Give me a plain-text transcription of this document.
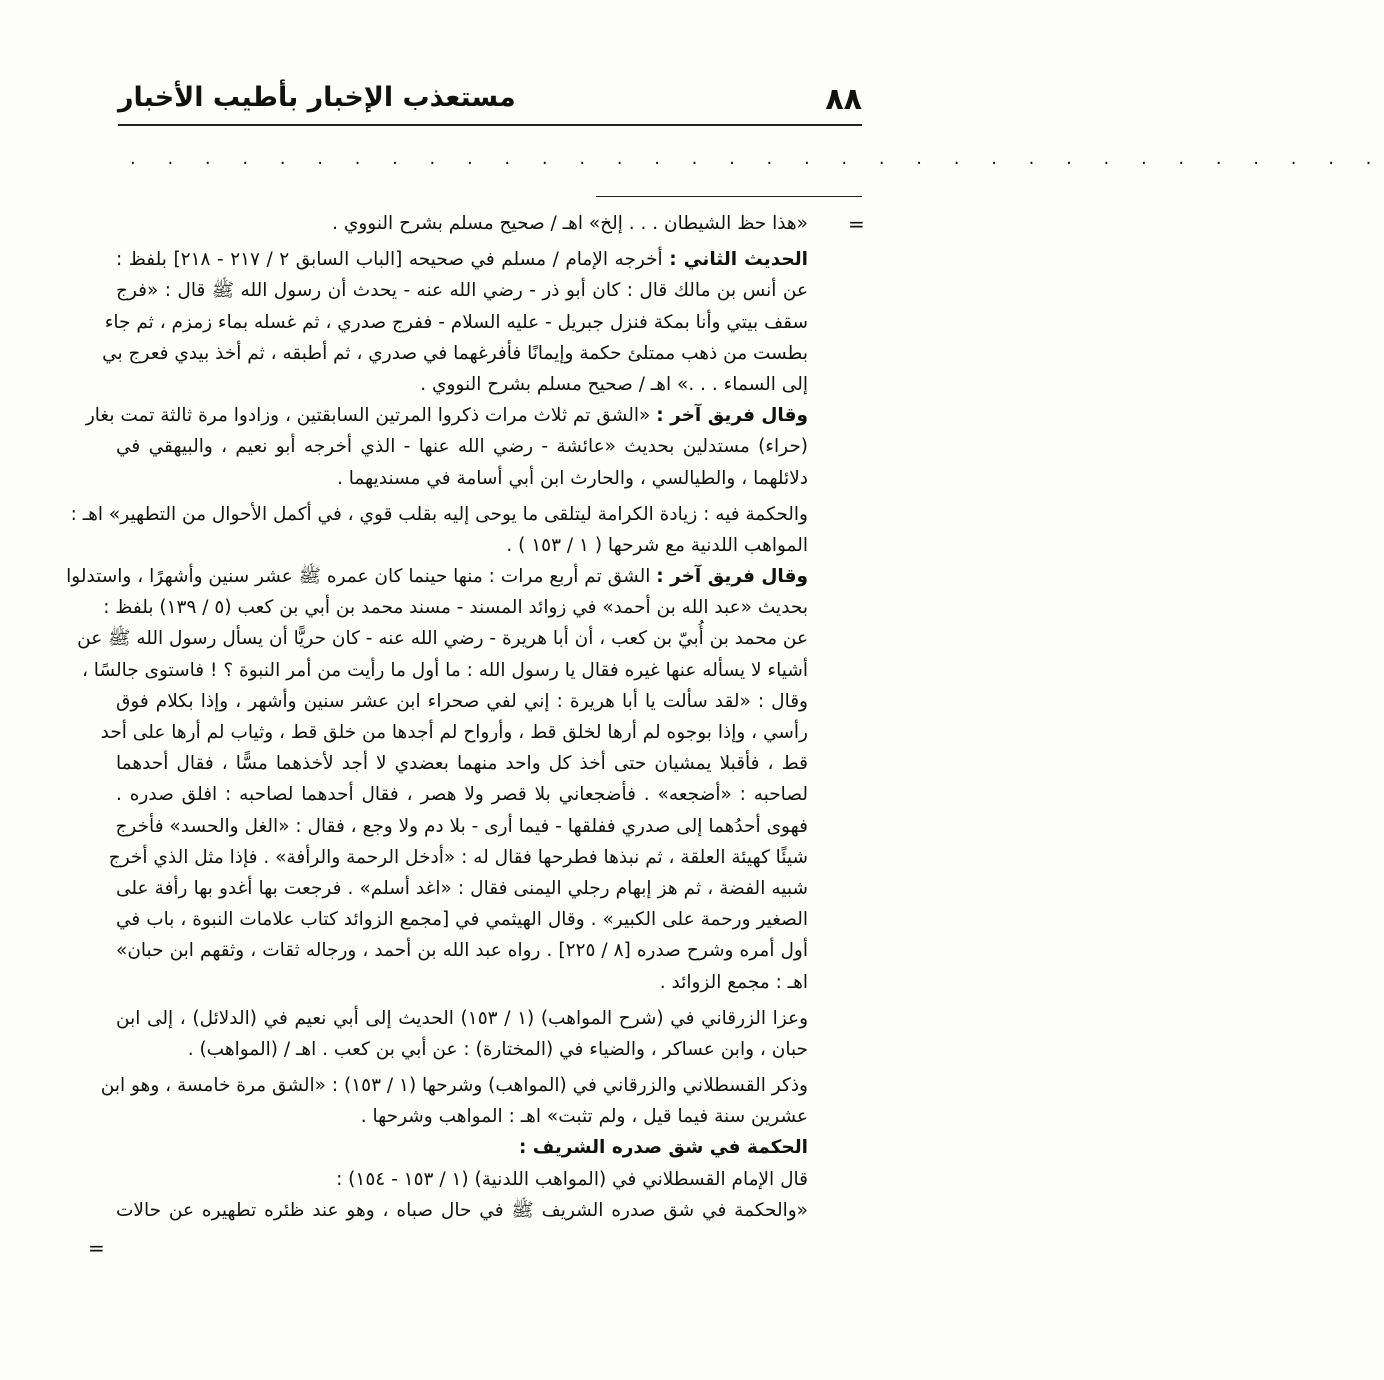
٨٨
مستعذب الإخبار بأطيب الأخبار
. . . . . . . . . . . . . . . . . . . . . . . . . . . . . . . . . .
=
=
«هذا حظ الشيطان . . . إلخ» اهـ / صحيح مسلم بشرح النووي .
الحديث الثاني : أخرجه الإمام / مسلم في صحيحه [الباب السابق ٢ / ٢١٧ - ٢١٨] بلفظ :
عن أنس بن مالك قال : كان أبو ذر - رضي الله عنه - يحدث أن رسول الله ﷺ قال : «فرج
سقف بيتي وأنا بمكة فنزل جبريل - عليه السلام - ففرج صدري ، ثم غسله بماء زمزم ، ثم جاء
بطست من ذهب ممتلئ حكمة وإيمانًا فأفرغهما في صدري ، ثم أطبقه ، ثم أخذ بيدي فعرج بي
إلى السماء . . .» اهـ / صحيح مسلم بشرح النووي .
وقال فريق آخر : «الشق تم ثلاث مرات ذكروا المرتين السابقتين ، وزادوا مرة ثالثة تمت بغار
(حراء) مستدلين بحديث «عائشة - رضي الله عنها - الذي أخرجه أبو نعيم ، والبيهقي في
دلائلهما ، والطيالسي ، والحارث ابن أبي أسامة في مسنديهما .
والحكمة فيه : زيادة الكرامة ليتلقى ما يوحى إليه بقلب قوي ، في أكمل الأحوال من التطهير» اهـ :
المواهب اللدنية مع شرحها ( ١ / ١٥٣ ) .
وقال فريق آخر : الشق تم أربع مرات : منها حينما كان عمره ﷺ عشر سنين وأشهرًا ، واستدلوا
بحديث «عبد الله بن أحمد» في زوائد المسند - مسند محمد بن أبي بن كعب (٥ / ١٣٩) بلفظ :
عن محمد بن أُبيّ بن كعب ، أن أبا هريرة - رضي الله عنه - كان حريًّا أن يسأل رسول الله ﷺ عن
أشياء لا يسأله عنها غيره فقال يا رسول الله : ما أول ما رأيت من أمر النبوة ؟ ! فاستوى جالسًا ،
وقال : «لقد سألت يا أبا هريرة : إني لفي صحراء ابن عشر سنين وأشهر ، وإذا بكلام فوق
رأسي ، وإذا بوجوه لم أرها لخلق قط ، وأرواح لم أجدها من خلق قط ، وثياب لم أرها على أحد
قط ، فأقبلا يمشيان حتى أخذ كل واحد منهما بعضدي لا أجد لأخذهما مسًّا ، فقال أحدهما
لصاحبه : «أضجعه» . فأضجعاني بلا قصر ولا هصر ، فقال أحدهما لصاحبه : افلق صدره .
فهوى أحدُهما إلى صدري ففلقها - فيما أرى - بلا دم ولا وجع ، فقال : «الغل والحسد» فأخرج
شيئًا كهيئة العلقة ، ثم نبذها فطرحها فقال له : «أدخل الرحمة والرأفة» . فإذا مثل الذي أخرج
شبيه الفضة ، ثم هز إبهام رجلي اليمنى فقال : «اغد أسلم» . فرجعت بها أغدو بها رأفة على
الصغير ورحمة على الكبير» . وقال الهيثمي في [مجمع الزوائد كتاب علامات النبوة ، باب في
أول أمره وشرح صدره [٨ / ٢٢٥] . رواه عبد الله بن أحمد ، ورجاله ثقات ، وثقهم ابن حبان»
اهـ : مجمع الزوائد .
وعزا الزرقاني في (شرح المواهب) (١ / ١٥٣) الحديث إلى أبي نعيم في (الدلائل) ، إلى ابن
حبان ، وابن عساكر ، والضياء في (المختارة) : عن أبي بن كعب . اهـ / (المواهب) .
وذكر القسطلاني والزرقاني في (المواهب) وشرحها (١ / ١٥٣) : «الشق مرة خامسة ، وهو ابن
عشرين سنة فيما قيل ، ولم تثبت» اهـ : المواهب وشرحها .
الحكمة في شق صدره الشريف :
قال الإمام القسطلاني في (المواهب اللدنية) (١ / ١٥٣ - ١٥٤) :
«والحكمة في شق صدره الشريف ﷺ في حال صباه ، وهو عند ظئره تطهيره عن حالات
